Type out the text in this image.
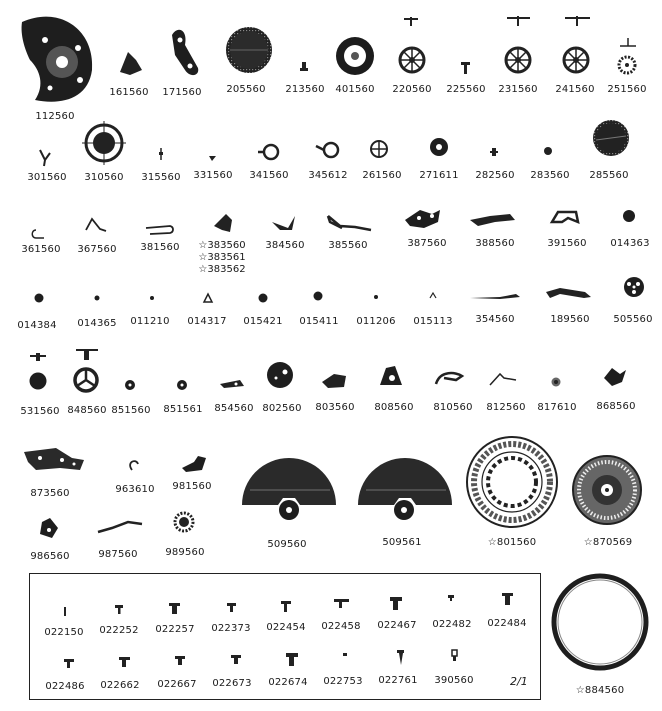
112560
161560 171560 205560 213560 401560 220560 225560 231560 241560 251560
301560 310560 315560 331560 341560 345612 261560 271611 282560 283560 285560
361560 367560 381560 ☆383560
☆383561
☆383562
384560 385560	387560	388560	391560 014363
014384 014365 011210 014317 015421 015411 011206 015113 354560	189560 505560
531560 848560 851560 851561 854560 802560 803560 808560 810560 812560 817610 868560
873560	963610 981560
986560	987560	989560
509560	509561	☆801560	☆870569
022150 022252 022257 022373 022454 022458 022467 022482 022484
022486 022662 022667 022673 022674 022753 022761 390560	2/1
☆884560
